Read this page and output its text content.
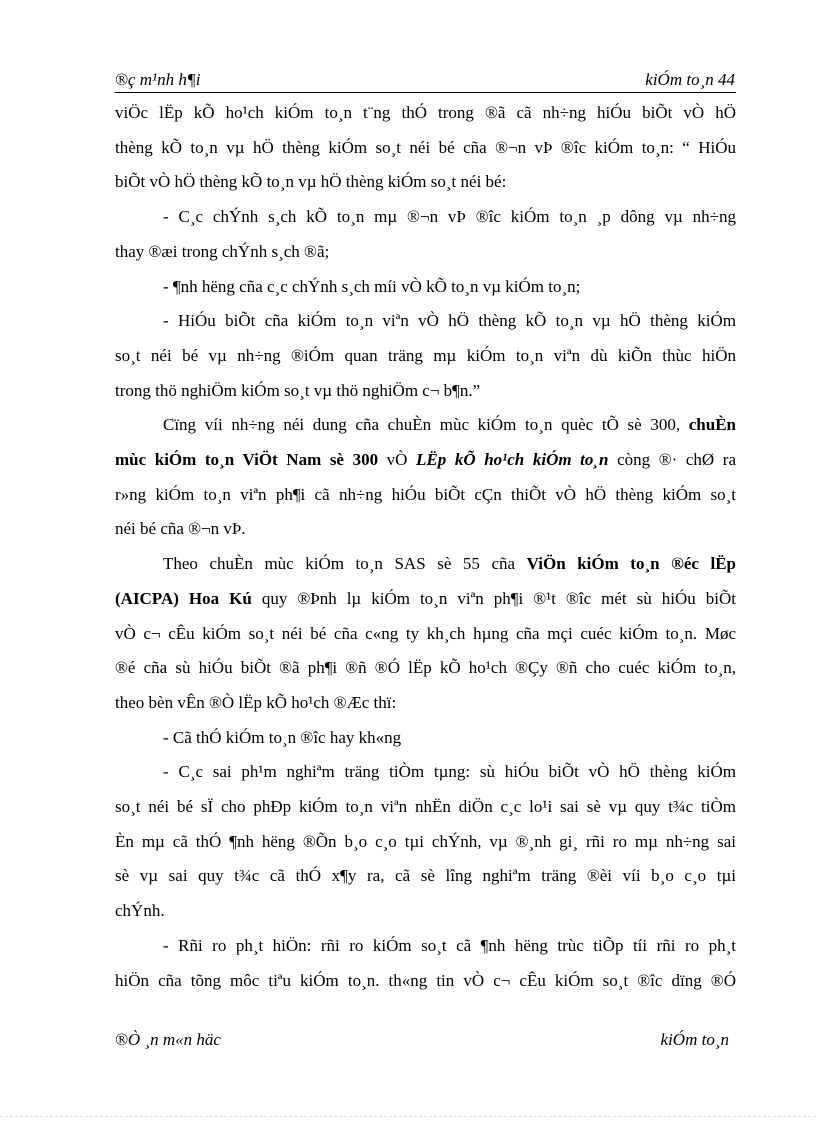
®ç m¹nh h¶i	kiÓm to¸n 44

viÖc lËp kÕ ho¹ch kiÓm to¸n t¨ng thÓ trong ®ã cã nh÷ng hiÓu biÕt vÒ hÖ

thèng kÕ to¸n vµ hÖ thèng kiÓm so¸t néi bé cña ®¬n vÞ ®îc kiÓm to¸n: “ HiÓu

biÕt vÒ hÖ thèng kÕ to¸n vµ hÖ thèng kiÓm so¸t néi bé:

- C¸c chÝnh s¸ch kÕ to¸n mµ ®¬n vÞ ®îc kiÓm to¸n ¸p dông vµ nh÷ng

thay ®æi trong chÝnh s¸ch ®ã;

- ¶nh hëng cña c¸c chÝnh s¸ch míi vÒ kÕ to¸n vµ kiÓm to¸n;

- HiÓu biÕt cña kiÓm to¸n viªn vÒ hÖ thèng kÕ to¸n vµ hÖ thèng kiÓm

so¸t néi bé vµ nh÷ng ®iÓm quan träng mµ kiÓm to¸n viªn dù kiÕn thùc hiÖn

trong thö nghiÖm kiÓm so¸t vµ thö nghiÖm c¬ b¶n.”

Cïng víi nh÷ng néi dung cña chuÈn mùc kiÓm to¸n quèc tÕ sè 300, chuÈn

mùc kiÓm to¸n ViÖt Nam sè 300 vÒ LËp kÕ ho¹ch kiÓm to¸n còng ®· chØ ra

r»ng kiÓm to¸n viªn ph¶i cã nh÷ng hiÓu biÕt cÇn thiÕt vÒ hÖ thèng kiÓm so¸t

néi bé cña ®¬n vÞ.

Theo chuÈn mùc kiÓm to¸n SAS sè 55 cña ViÖn kiÓm to¸n ®éc lËp

(AICPA) Hoa Kú quy ®Þnh lµ kiÓm to¸n viªn ph¶i ®¹t ®îc mét sù hiÓu biÕt

vÒ c¬ cÊu kiÓm so¸t néi bé cña c«ng ty kh¸ch hµng cña mçi cuéc kiÓm to¸n. Møc

®é cña sù hiÓu biÕt ®ã ph¶i ®ñ ®Ó lËp kÕ ho¹ch ®Çy ®ñ cho cuéc kiÓm to¸n,

theo bèn vÊn ®Ò lËp kÕ ho¹ch ®Æc thï:

- Cã thÓ kiÓm to¸n ®îc hay kh«ng

- C¸c sai ph¹m nghiªm träng tiÒm tµng: sù hiÓu biÕt vÒ hÖ thèng kiÓm

so¸t néi bé sÏ cho phÐp kiÓm to¸n viªn nhËn diÖn c¸c lo¹i sai sè vµ quy t¾c tiÒm

Èn mµ cã thÓ ¶nh hëng ®Õn b¸o c¸o tµi chÝnh, vµ ®¸nh gi¸ rñi ro mµ nh÷ng sai

sè vµ sai quy t¾c cã thÓ x¶y ra, cã sè lîng nghiªm träng ®èi víi b¸o c¸o tµi

chÝnh.

- Rñi ro ph¸t hiÖn: rñi ro kiÓm so¸t cã ¶nh hëng trùc tiÕp tíi rñi ro ph¸t

hiÖn cña tõng môc tiªu kiÓm to¸n. th«ng tin vÒ c¬ cÊu kiÓm so¸t ®îc dïng ®Ó

®Ò ¸n m«n häc	kiÓm to¸n
